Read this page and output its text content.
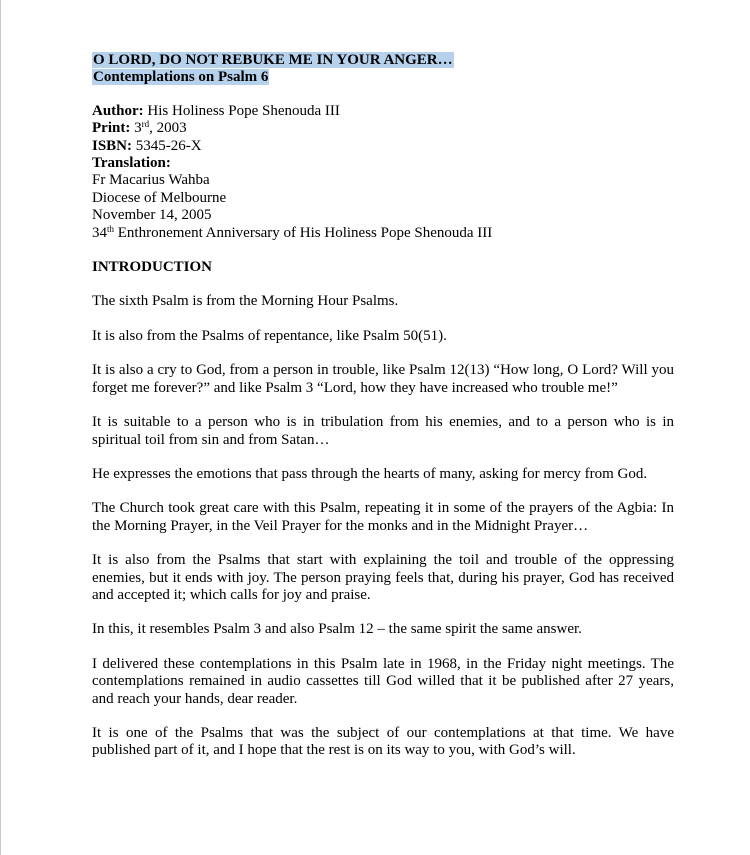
O LORD, DO NOT REBUKE ME IN YOUR ANGER…
Contemplations on Psalm 6
Author: His Holiness Pope Shenouda III
Print: 3rd, 2003
ISBN: 5345-26-X
Translation:
Fr Macarius Wahba
Diocese of Melbourne
November 14, 2005
34th Enthronement Anniversary of His Holiness Pope Shenouda III
INTRODUCTION

The sixth Psalm is from the Morning Hour Psalms.

It is also from the Psalms of repentance, like Psalm 50(51).

It is also a cry to God, from a person in trouble, like Psalm 12(13) “How long, O Lord? Will you forget me forever?” and like Psalm 3 “Lord, how they have increased who trouble me!”

It is suitable to a person who is in tribulation from his enemies, and to a person who is in spiritual toil from sin and from Satan…

He expresses the emotions that pass through the hearts of many, asking for mercy from God.

The Church took great care with this Psalm, repeating it in some of the prayers of the Agbia: In the Morning Prayer, in the Veil Prayer for the monks and in the Midnight Prayer…

It is also from the Psalms that start with explaining the toil and trouble of the oppressing enemies, but it ends with joy. The person praying feels that, during his prayer, God has received and accepted it; which calls for joy and praise.

In this, it resembles Psalm 3 and also Psalm 12 – the same spirit the same answer.

I delivered these contemplations in this Psalm late in 1968, in the Friday night meetings. The contemplations remained in audio cassettes till God willed that it be published after 27 years, and reach your hands, dear reader.

It is one of the Psalms that was the subject of our contemplations at that time. We have published part of it, and I hope that the rest is on its way to you, with God’s will.
